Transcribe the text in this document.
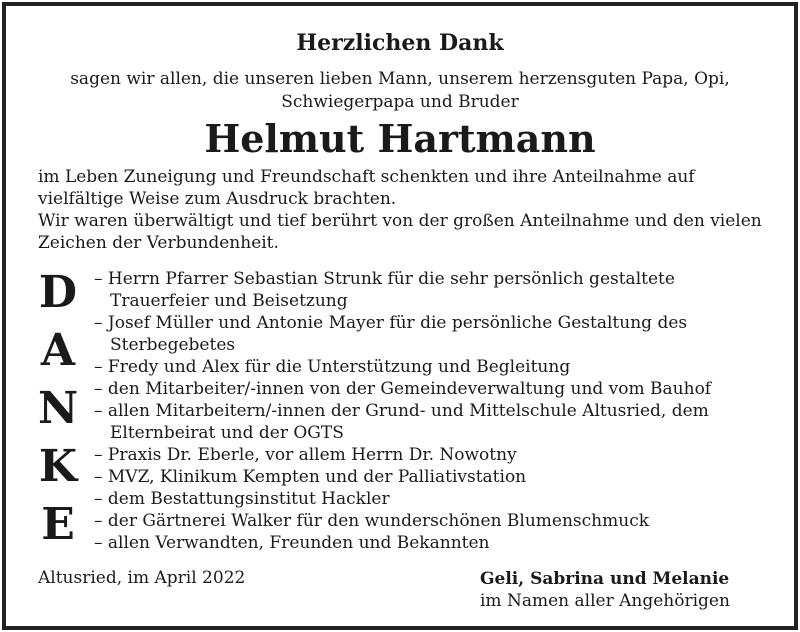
Herzlichen Dank
sagen wir allen, die unseren lieben Mann, unserem herzensguten Papa, Opi, Schwiegerpapa und Bruder
Helmut Hartmann
im Leben Zuneigung und Freundschaft schenkten und ihre Anteilnahme auf vielfältige Weise zum Ausdruck brachten.
Wir waren überwältigt und tief berührt von der großen Anteilnahme und den vielen Zeichen der Verbundenheit.
D
A
N
K
E
– Herrn Pfarrer Sebastian Strunk für die sehr persönlich gestaltete Trauerfeier und Beisetzung
– Josef Müller und Antonie Mayer für die persönliche Gestaltung des Sterbegebetes
– Fredy und Alex für die Unterstützung und Begleitung
– den Mitarbeiter/-innen von der Gemeindeverwaltung und vom Bauhof
– allen Mitarbeitern/-innen der Grund- und Mittelschule Altusried, dem Elternbeirat und der OGTS
– Praxis Dr. Eberle, vor allem Herrn Dr. Nowotny
– MVZ, Klinikum Kempten und der Palliativstation
– dem Bestattungsinstitut Hackler
– der Gärtnerei Walker für den wunderschönen Blumenschmuck
– allen Verwandten, Freunden und Bekannten
Altusried, im April 2022	Geli, Sabrina und Melanie
im Namen aller Angehörigen
